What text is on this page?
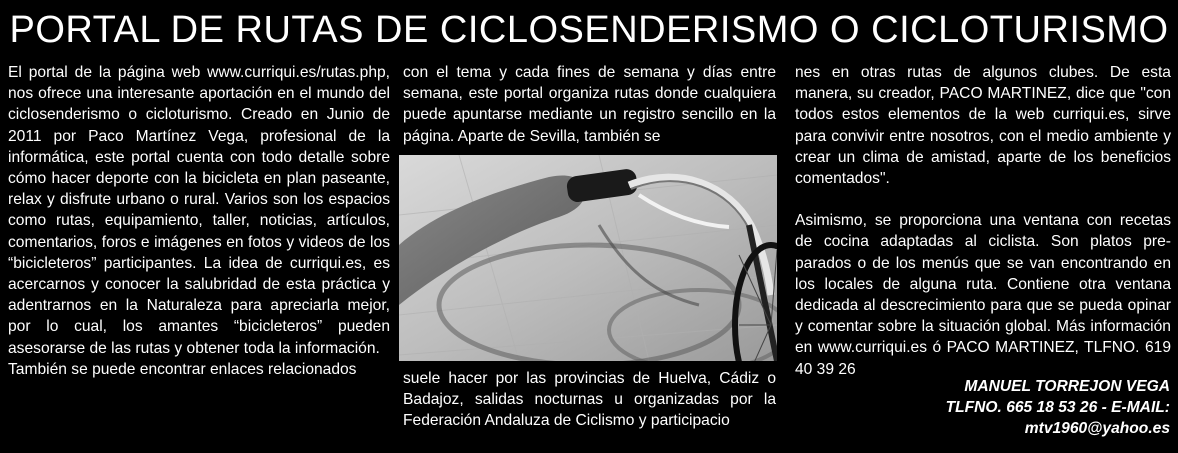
PORTAL DE RUTAS DE CICLOSENDERISMO O CICLOTURISMO

El portal de la página web www.curriqui.es/rutas.php, nos ofrece una interesante aportación en el mundo del ciclosenderismo o cicloturismo. Creado en Junio de 2011 por Paco Martínez Vega, profesional de la informática, este portal cuenta con todo detalle sobre cómo hacer deporte con la bicicleta en plan paseante, relax y disfrute urbano o rural. Varios son los espacios como rutas, equipamiento, taller, noticias, artículos, comentarios, foros e imágenes en fotos y videos de los “bicicleteros” participantes. La idea de curriqui.es, es acercarnos y conocer la salubridad de esta práctica y adentrarnos en la Naturaleza para apreciarla mejor, por lo cual, los amantes “bicicleteros” pueden asesorarse de las rutas y obtener toda la información.

También se puede encontrar enlaces relacionados

con el tema y cada fines de semana y días entre semana, este portal organiza rutas donde cualquiera puede apuntarse mediante un registro sencillo en la página. Aparte de Sevilla, también se

suele hacer por las provincias de Huelva, Cádiz o Badajoz, salidas nocturnas u organizadas por la Federación Andaluza de Ciclismo y participacio

nes en otras rutas de algunos clubes. De esta manera, su creador, PACO MARTINEZ, dice que "con todos estos elementos de la web curriqui.es, sirve para convivir entre nosotros, con el medio ambiente y crear un clima de amistad, aparte de los beneficios comentados".

Asimismo, se proporciona una ventana con recetas de cocina adaptadas al ciclista. Son platos preparados o de los menús que se van encontrando en los locales de alguna ruta. Contiene otra ventana dedicada al descrecimiento para que se pueda opinar y comentar sobre la situación global. Más información en www.curriqui.es ó PACO MARTINEZ, TLFNO. 619 40 39 26

MANUEL TORREJON VEGA
TLFNO. 665 18 53 26 - E-MAIL:
mtv1960@yahoo.es
